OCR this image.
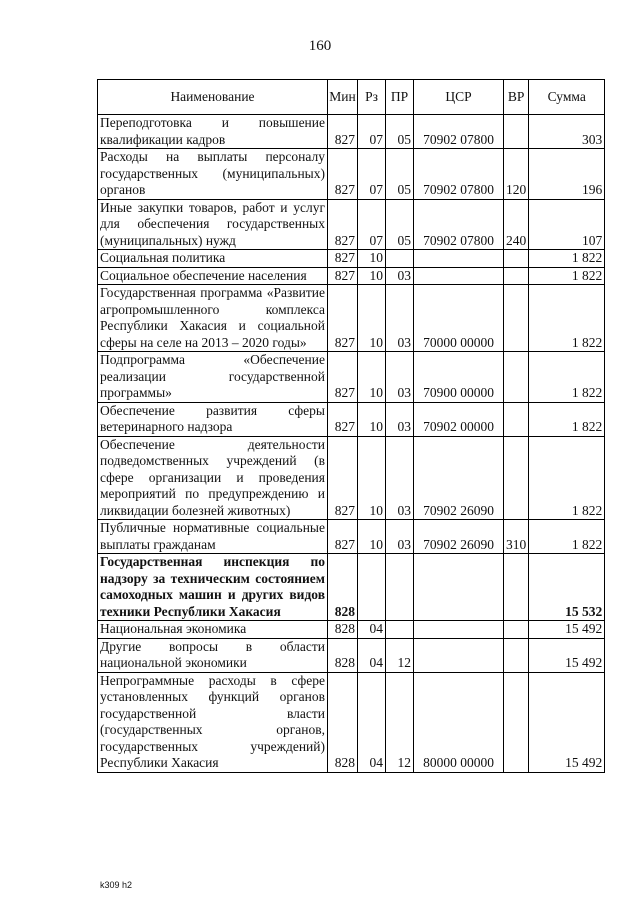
160
Наименование	Мин	Рз	ПР	ЦСР	ВР	Сумма
Переподготовка и повышение квалификации кадров	827	07	05	70902 07800		303
Расходы на выплаты персоналу государственных (муниципальных) органов	827	07	05	70902 07800	120	196
Иные закупки товаров, работ и услуг для обеспечения государственных (муниципальных) нужд	827	07	05	70902 07800	240	107
Социальная политика	827	10				1 822
Социальное обеспечение населения	827	10	03			1 822
Государственная программа «Развитие агропромышленного комплекса Республики Хакасия и социальной сферы на селе на 2013 – 2020 годы»	827	10	03	70000 00000		1 822
Подпрограмма «Обеспечение реализации государственной программы»	827	10	03	70900 00000		1 822
Обеспечение развития сферы ветеринарного надзора	827	10	03	70902 00000		1 822
Обеспечение деятельности подведомственных учреждений (в сфере организации и проведения мероприятий по предупреждению и ликвидации болезней животных)	827	10	03	70902 26090		1 822
Публичные нормативные социальные выплаты гражданам	827	10	03	70902 26090	310	1 822
Государственная инспекция по надзору за техническим состоянием самоходных машин и других видов техники Республики Хакасия	828					15 532
Национальная экономика	828	04				15 492
Другие вопросы в области национальной экономики	828	04	12			15 492
Непрограммные расходы в сфере установленных функций органов государственной власти (государственных органов, государственных учреждений) Республики Хакасия	828	04	12	80000 00000		15 492
k309 h2
